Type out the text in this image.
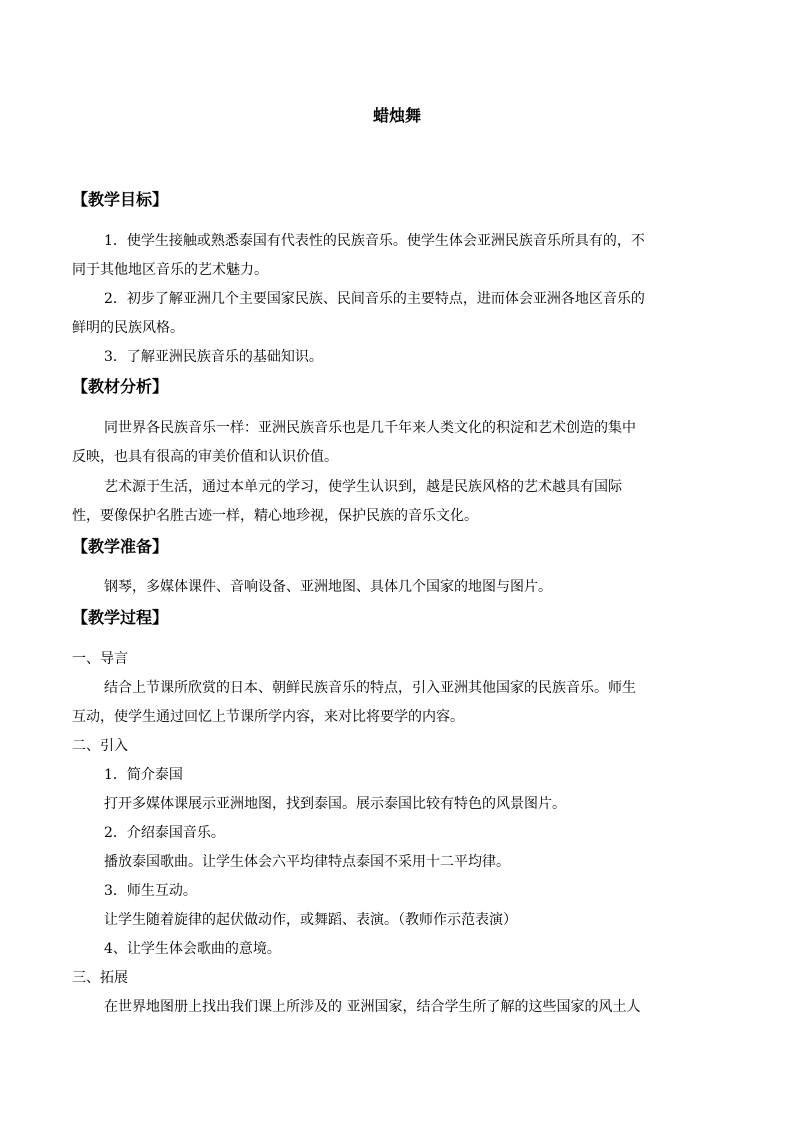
蜡烛舞
【教学目标】
1．使学生接触或熟悉泰国有代表性的民族音乐。使学生体会亚洲民族音乐所具有的，不
同于其他地区音乐的艺术魅力。
2．初步了解亚洲几个主要国家民族、民间音乐的主要特点，进而体会亚洲各地区音乐的
鲜明的民族风格。
3．了解亚洲民族音乐的基础知识。
【教材分析】
同世界各民族音乐一样：亚洲民族音乐也是几千年来人类文化的积淀和艺术创造的集中
反映，也具有很高的审美价值和认识价值。
艺术源于生活，通过本单元的学习，使学生认识到，越是民族风格的艺术越具有国际
性，要像保护名胜古迹一样，精心地珍视，保护民族的音乐文化。
【教学准备】
钢琴，多媒体课件、音响设备、亚洲地图、具体几个国家的地图与图片。
【教学过程】
一、导言
结合上节课所欣赏的日本、朝鲜民族音乐的特点，引入亚洲其他国家的民族音乐。师生
互动，使学生通过回忆上节课所学内容，来对比将要学的内容。
二、引入
1．简介泰国
打开多媒体课展示亚洲地图，找到泰国。展示泰国比较有特色的风景图片。
2．介绍泰国音乐。
播放泰国歌曲。让学生体会六平均律特点泰国不采用十二平均律。
3．师生互动。
让学生随着旋律的起伏做动作，或舞蹈、表演。（教师作示范表演）
4、让学生体会歌曲的意境。
三、拓展
在世界地图册上找出我们课上所涉及的 亚洲国家，结合学生所了解的这些国家的风土人
